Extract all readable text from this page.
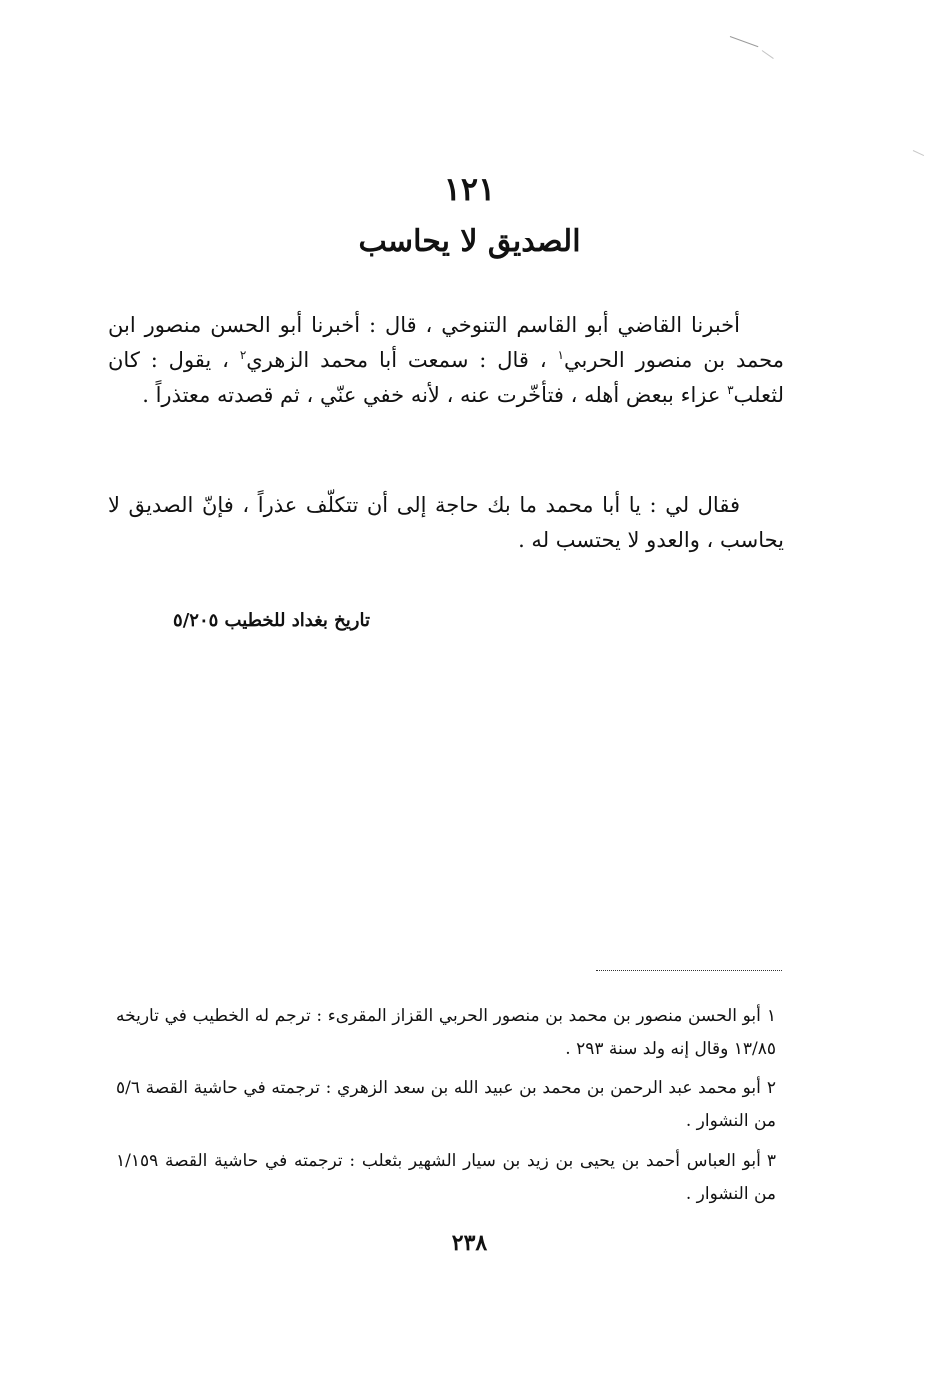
١٢١
الصديق لا يحاسب
أخبرنا القاضي أبو القاسم التنوخي ، قال : أخبرنا أبو الحسن منصور ابن محمد بن منصور الحربي$^١$ ، قال : سمعت أبا محمد الزهري$^٢$ ، يقول : كان لثعلب$^٣$ عزاء ببعض أهله ، فتأخّرت عنه ، لأنه خفي عنّي ، ثم قصدته معتذراً .
فقال لي : يا أبا محمد ما بك حاجة إلى أن تتكلّف عذراً ، فإنّ الصديق لا يحاسب ، والعدو لا يحتسب له .
تاريخ بغداد للخطيب ٥/٢٠٥
١أبو الحسن منصور بن محمد بن منصور الحربي القزاز المقرىء : ترجم له الخطيب في تاريخه ١٣/٨٥ وقال إنه ولد سنة ٢٩٣ .
٢أبو محمد عبد الرحمن بن محمد بن عبيد الله بن سعد الزهري : ترجمته في حاشية القصة ٥/٦ من النشوار .
٣أبو العباس أحمد بن يحيى بن زيد بن سيار الشهير بثعلب : ترجمته في حاشية القصة ١/١٥٩ من النشوار .
٢٣٨
